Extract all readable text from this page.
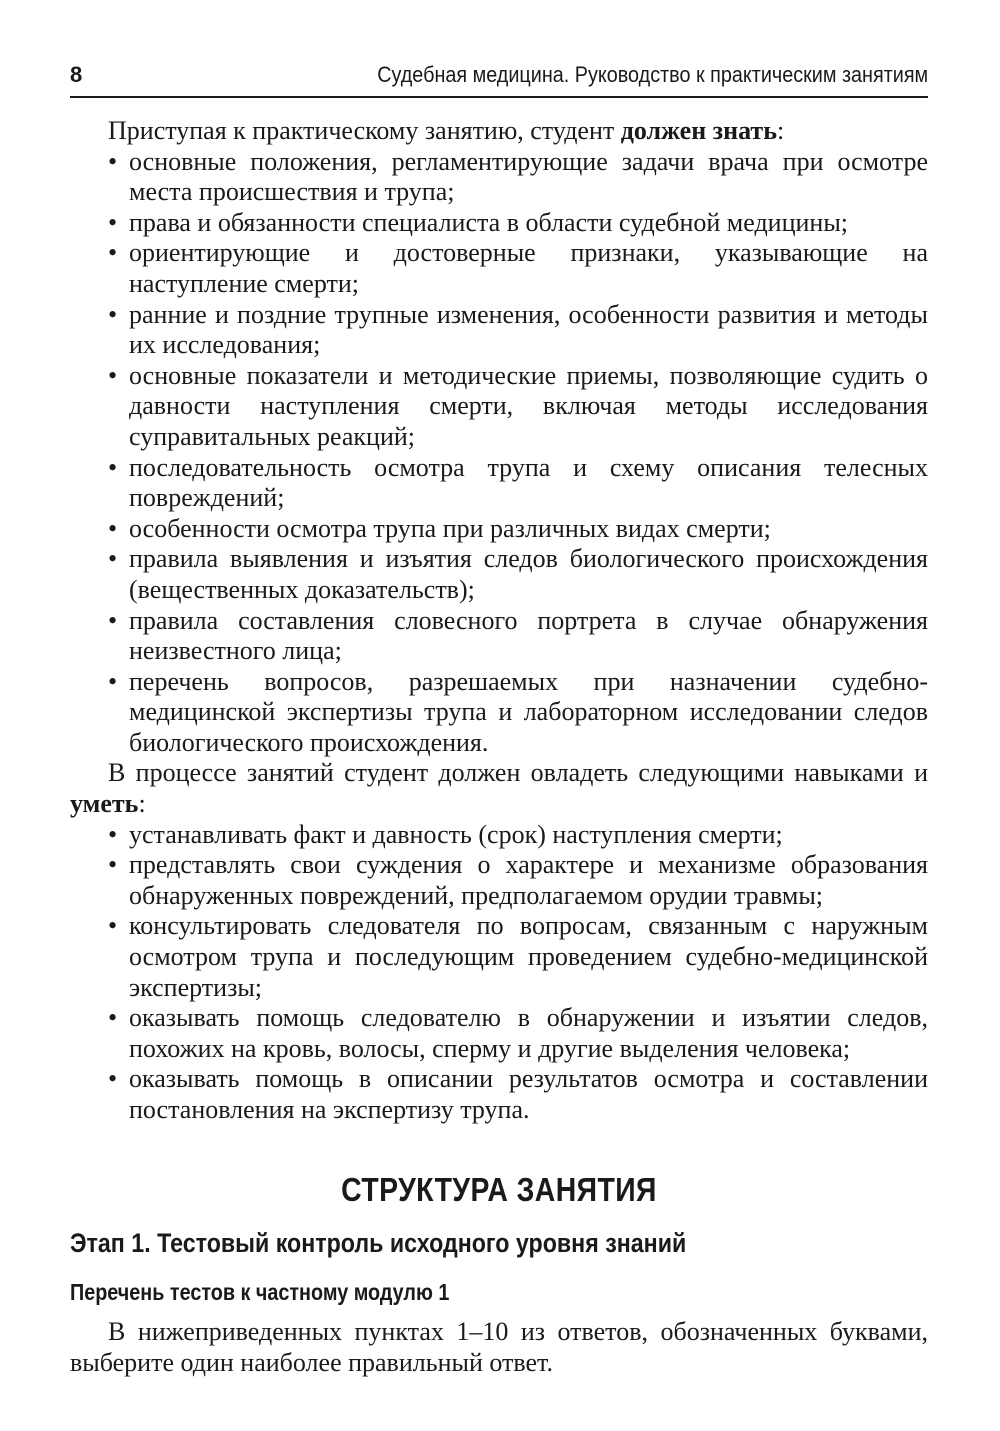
8	Судебная медицина. Руководство к практическим занятиям

Приступая к практическому занятию, студент должен знать:

• основные положения, регламентирующие задачи врача при осмотре места происшествия и трупа;
• права и обязанности специалиста в области судебной медицины;
• ориентирующие и достоверные признаки, указывающие на наступление смерти;
• ранние и поздние трупные изменения, особенности развития и методы их исследования;
• основные показатели и методические приемы, позволяющие судить о давности наступления смерти, включая методы исследования суправитальных реакций;
• последовательность осмотра трупа и схему описания телесных повреждений;
• особенности осмотра трупа при различных видах смерти;
• правила выявления и изъятия следов биологического происхождения (вещественных доказательств);
• правила составления словесного портрета в случае обнаружения неизвестного лица;
• перечень вопросов, разрешаемых при назначении судебно-медицинской экспертизы трупа и лабораторном исследовании следов биологического происхождения.

В процессе занятий студент должен овладеть следующими навыками и уметь:

• устанавливать факт и давность (срок) наступления смерти;
• представлять свои суждения о характере и механизме образования обнаруженных повреждений, предполагаемом орудии травмы;
• консультировать следователя по вопросам, связанным с наружным осмотром трупа и последующим проведением судебно-медицинской экспертизы;
• оказывать помощь следователю в обнаружении и изъятии следов, похожих на кровь, волосы, сперму и другие выделения человека;
• оказывать помощь в описании результатов осмотра и составлении постановления на экспертизу трупа.
СТРУКТУРА ЗАНЯТИЯ
Этап 1. Тестовый контроль исходного уровня знаний
Перечень тестов к частному модулю 1
В нижеприведенных пунктах 1–10 из ответов, обозначенных буквами, выберите один наиболее правильный ответ.
